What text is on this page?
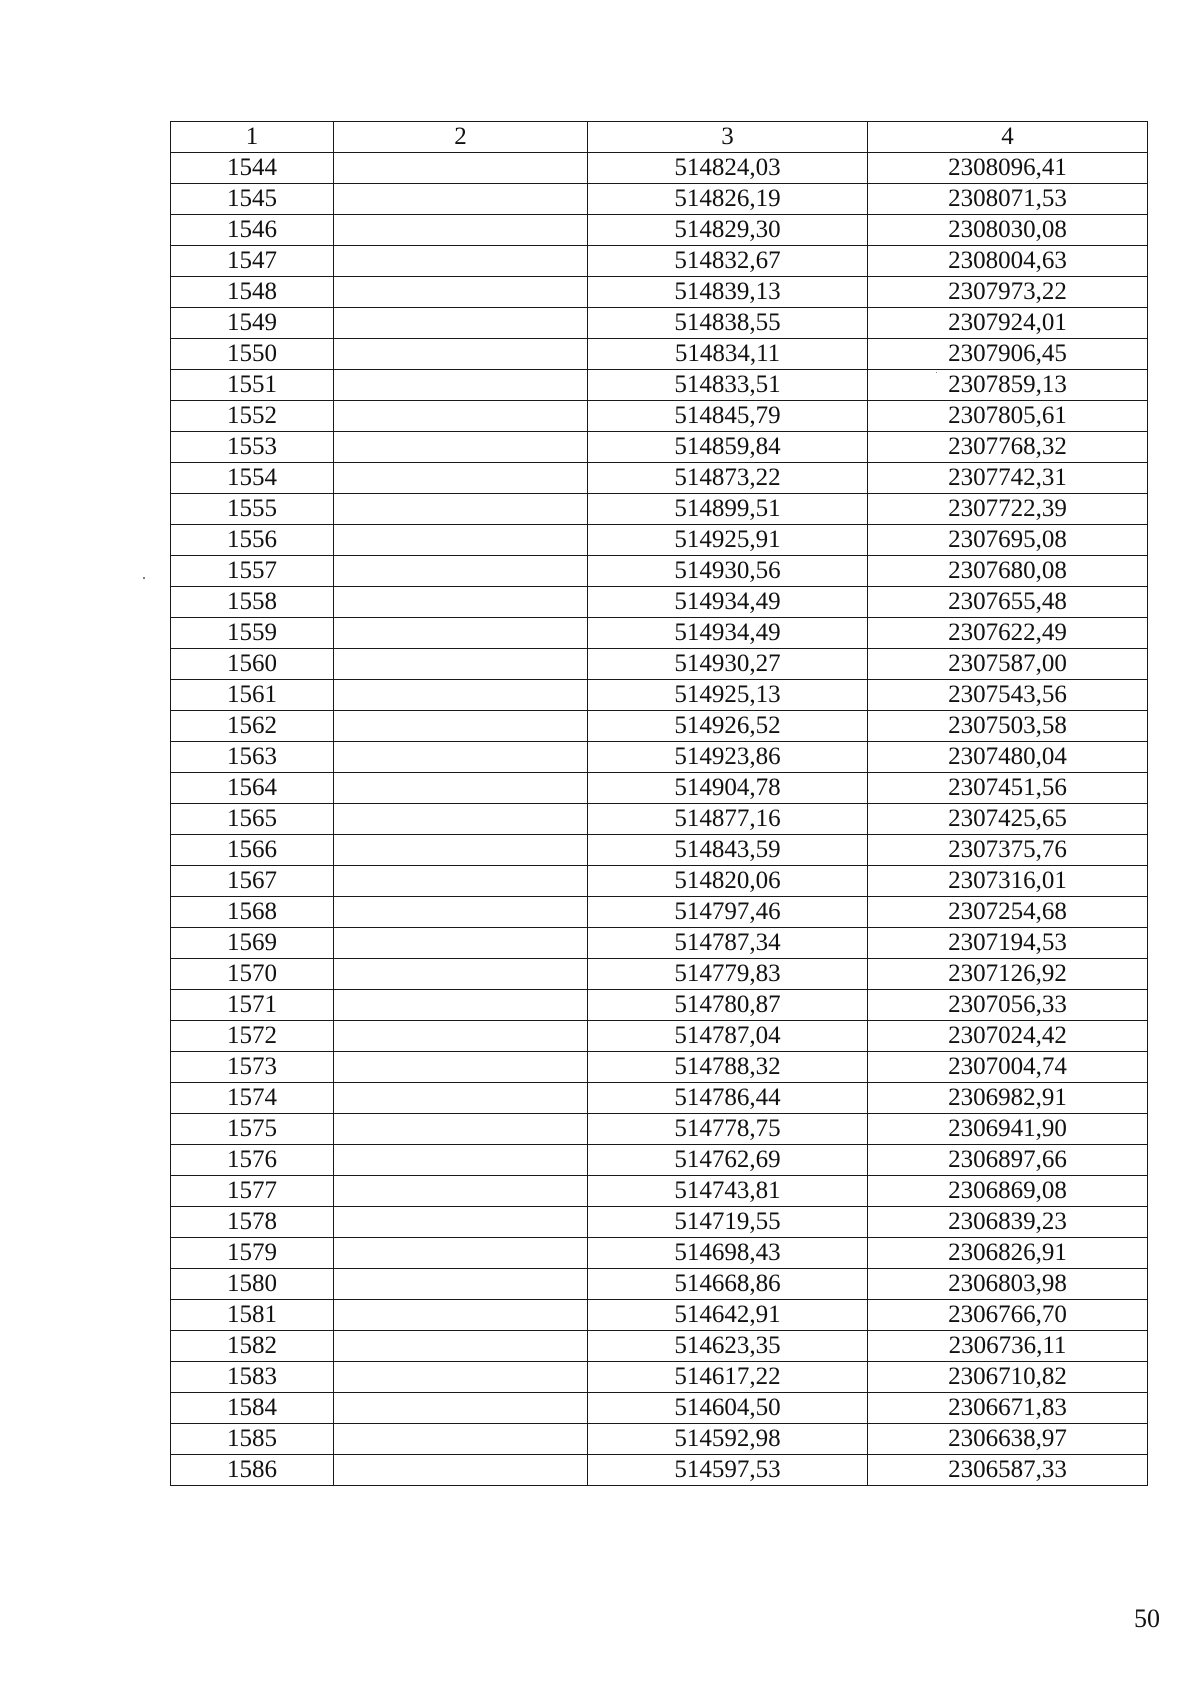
1	2	3	4
1544		514824,03	2308096,41
1545		514826,19	2308071,53
1546		514829,30	2308030,08
1547		514832,67	2308004,63
1548		514839,13	2307973,22
1549		514838,55	2307924,01
1550		514834,11	2307906,45
1551		514833,51	2307859,13
1552		514845,79	2307805,61
1553		514859,84	2307768,32
1554		514873,22	2307742,31
1555		514899,51	2307722,39
1556		514925,91	2307695,08
1557		514930,56	2307680,08
1558		514934,49	2307655,48
1559		514934,49	2307622,49
1560		514930,27	2307587,00
1561		514925,13	2307543,56
1562		514926,52	2307503,58
1563		514923,86	2307480,04
1564		514904,78	2307451,56
1565		514877,16	2307425,65
1566		514843,59	2307375,76
1567		514820,06	2307316,01
1568		514797,46	2307254,68
1569		514787,34	2307194,53
1570		514779,83	2307126,92
1571		514780,87	2307056,33
1572		514787,04	2307024,42
1573		514788,32	2307004,74
1574		514786,44	2306982,91
1575		514778,75	2306941,90
1576		514762,69	2306897,66
1577		514743,81	2306869,08
1578		514719,55	2306839,23
1579		514698,43	2306826,91
1580		514668,86	2306803,98
1581		514642,91	2306766,70
1582		514623,35	2306736,11
1583		514617,22	2306710,82
1584		514604,50	2306671,83
1585		514592,98	2306638,97
1586		514597,53	2306587,33
50
